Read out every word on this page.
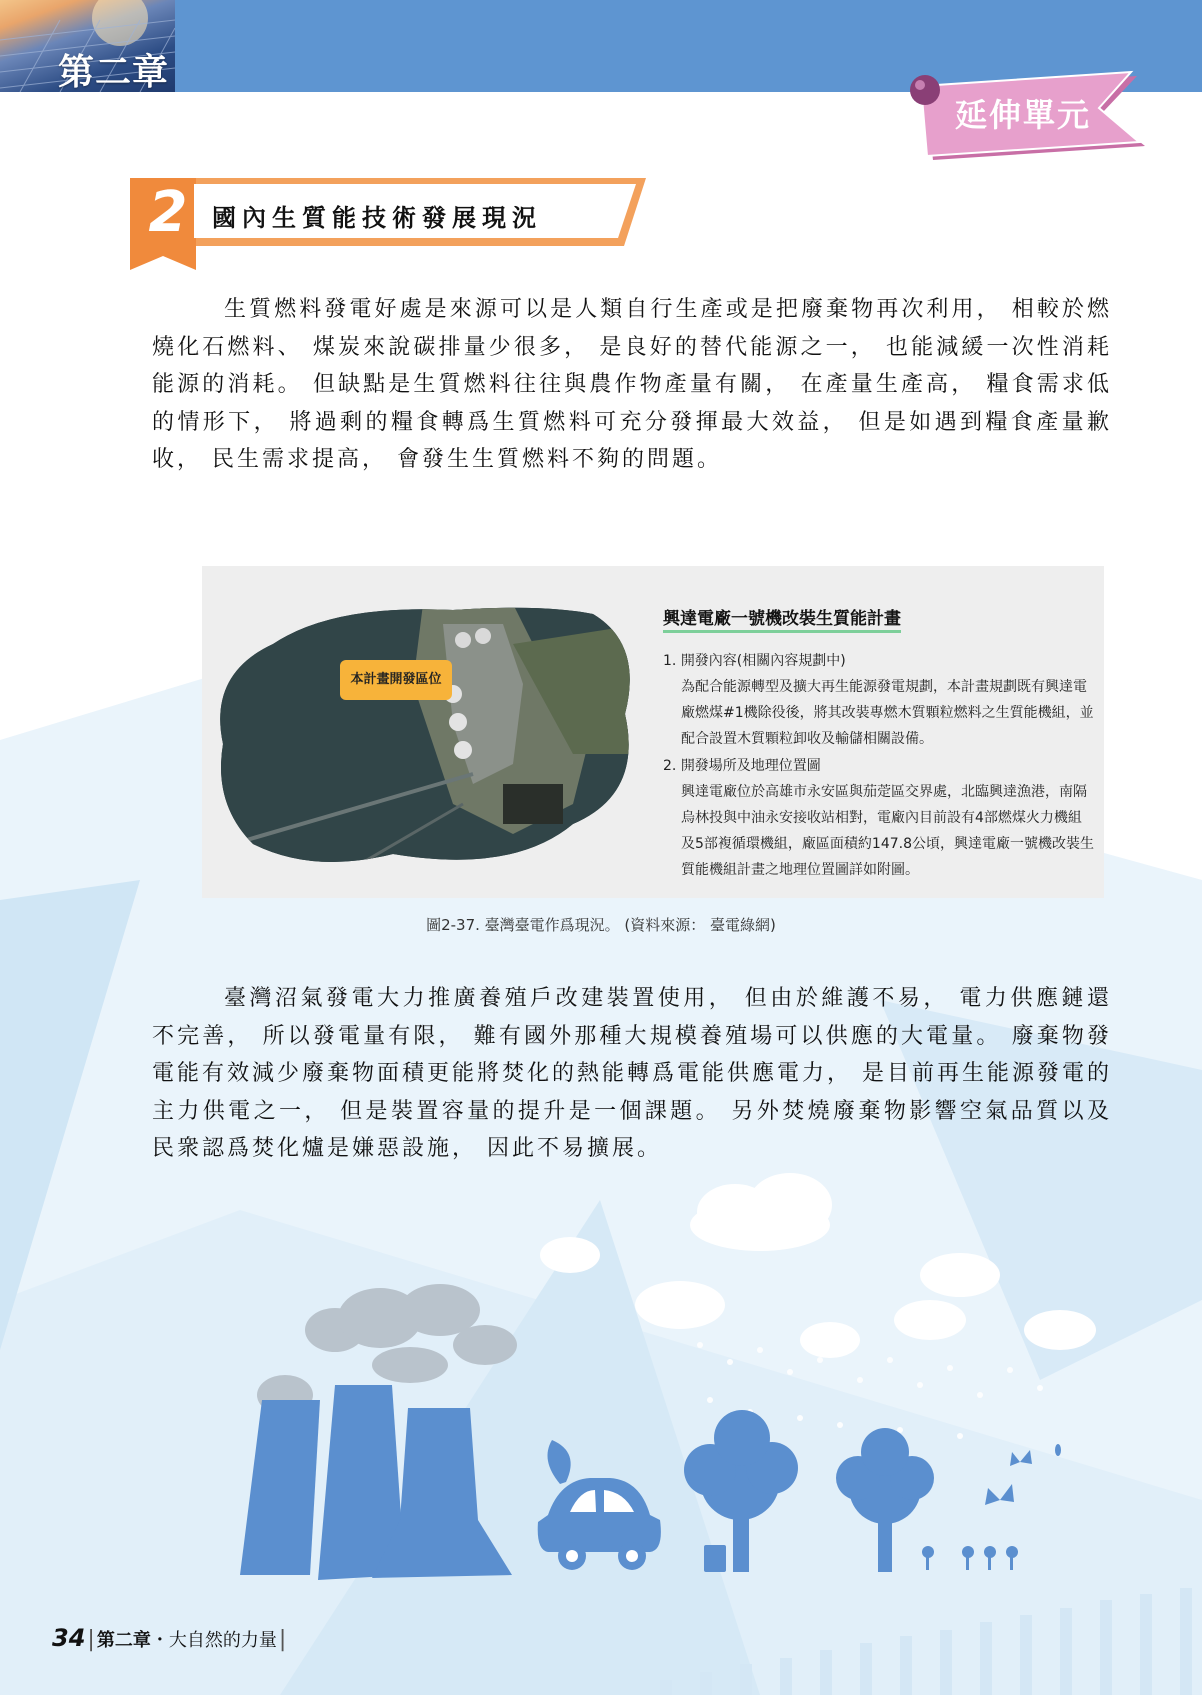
第二章
延伸單元
2	國內生質能技術發展現況

生質燃料發電好處是來源可以是人類自行生產或是把廢棄物再次利用， 相較於燃燒化石燃料、 煤炭來說碳排量少很多， 是良好的替代能源之一， 也能減緩一次性消耗能源的消耗。 但缺點是生質燃料往往與農作物產量有關， 在產量生產高， 糧食需求低的情形下， 將過剩的糧食轉爲生質燃料可充分發揮最大效益， 但是如遇到糧食產量歉收， 民生需求提高， 會發生生質燃料不夠的問題。

本計畫開發區位
興達電廠一號機改裝生質能計畫
1. 開發內容(相關內容規劃中)
為配合能源轉型及擴大再生能源發電規劃，本計畫規劃既有興達電廠燃煤#1機除役後，將其改裝專燃木質顆粒燃料之生質能機組，並配合設置木質顆粒卸收及輸儲相關設備。
2. 開發場所及地理位置圖
興達電廠位於高雄市永安區與茄萣區交界處，北臨興達漁港，南隔烏林投與中油永安接收站相對，電廠內目前設有4部燃煤火力機組及5部複循環機組，廠區面積約147.8公頃，興達電廠一號機改裝生質能機組計畫之地理位置圖詳如附圖。
圖2-37. 臺灣臺電作爲現況。 (資料來源： 臺電綠網)

臺灣沼氣發電大力推廣養殖戶改建裝置使用， 但由於維護不易， 電力供應鏈還不完善， 所以發電量有限， 難有國外那種大規模養殖場可以供應的大電量。 廢棄物發電能有效減少廢棄物面積更能將焚化的熱能轉爲電能供應電力， 是目前再生能源發電的主力供電之一， 但是裝置容量的提升是一個課題。 另外焚燒廢棄物影響空氣品質以及民衆認爲焚化爐是嫌惡設施， 因此不易擴展。

34| 第二章・大自然的力量|
